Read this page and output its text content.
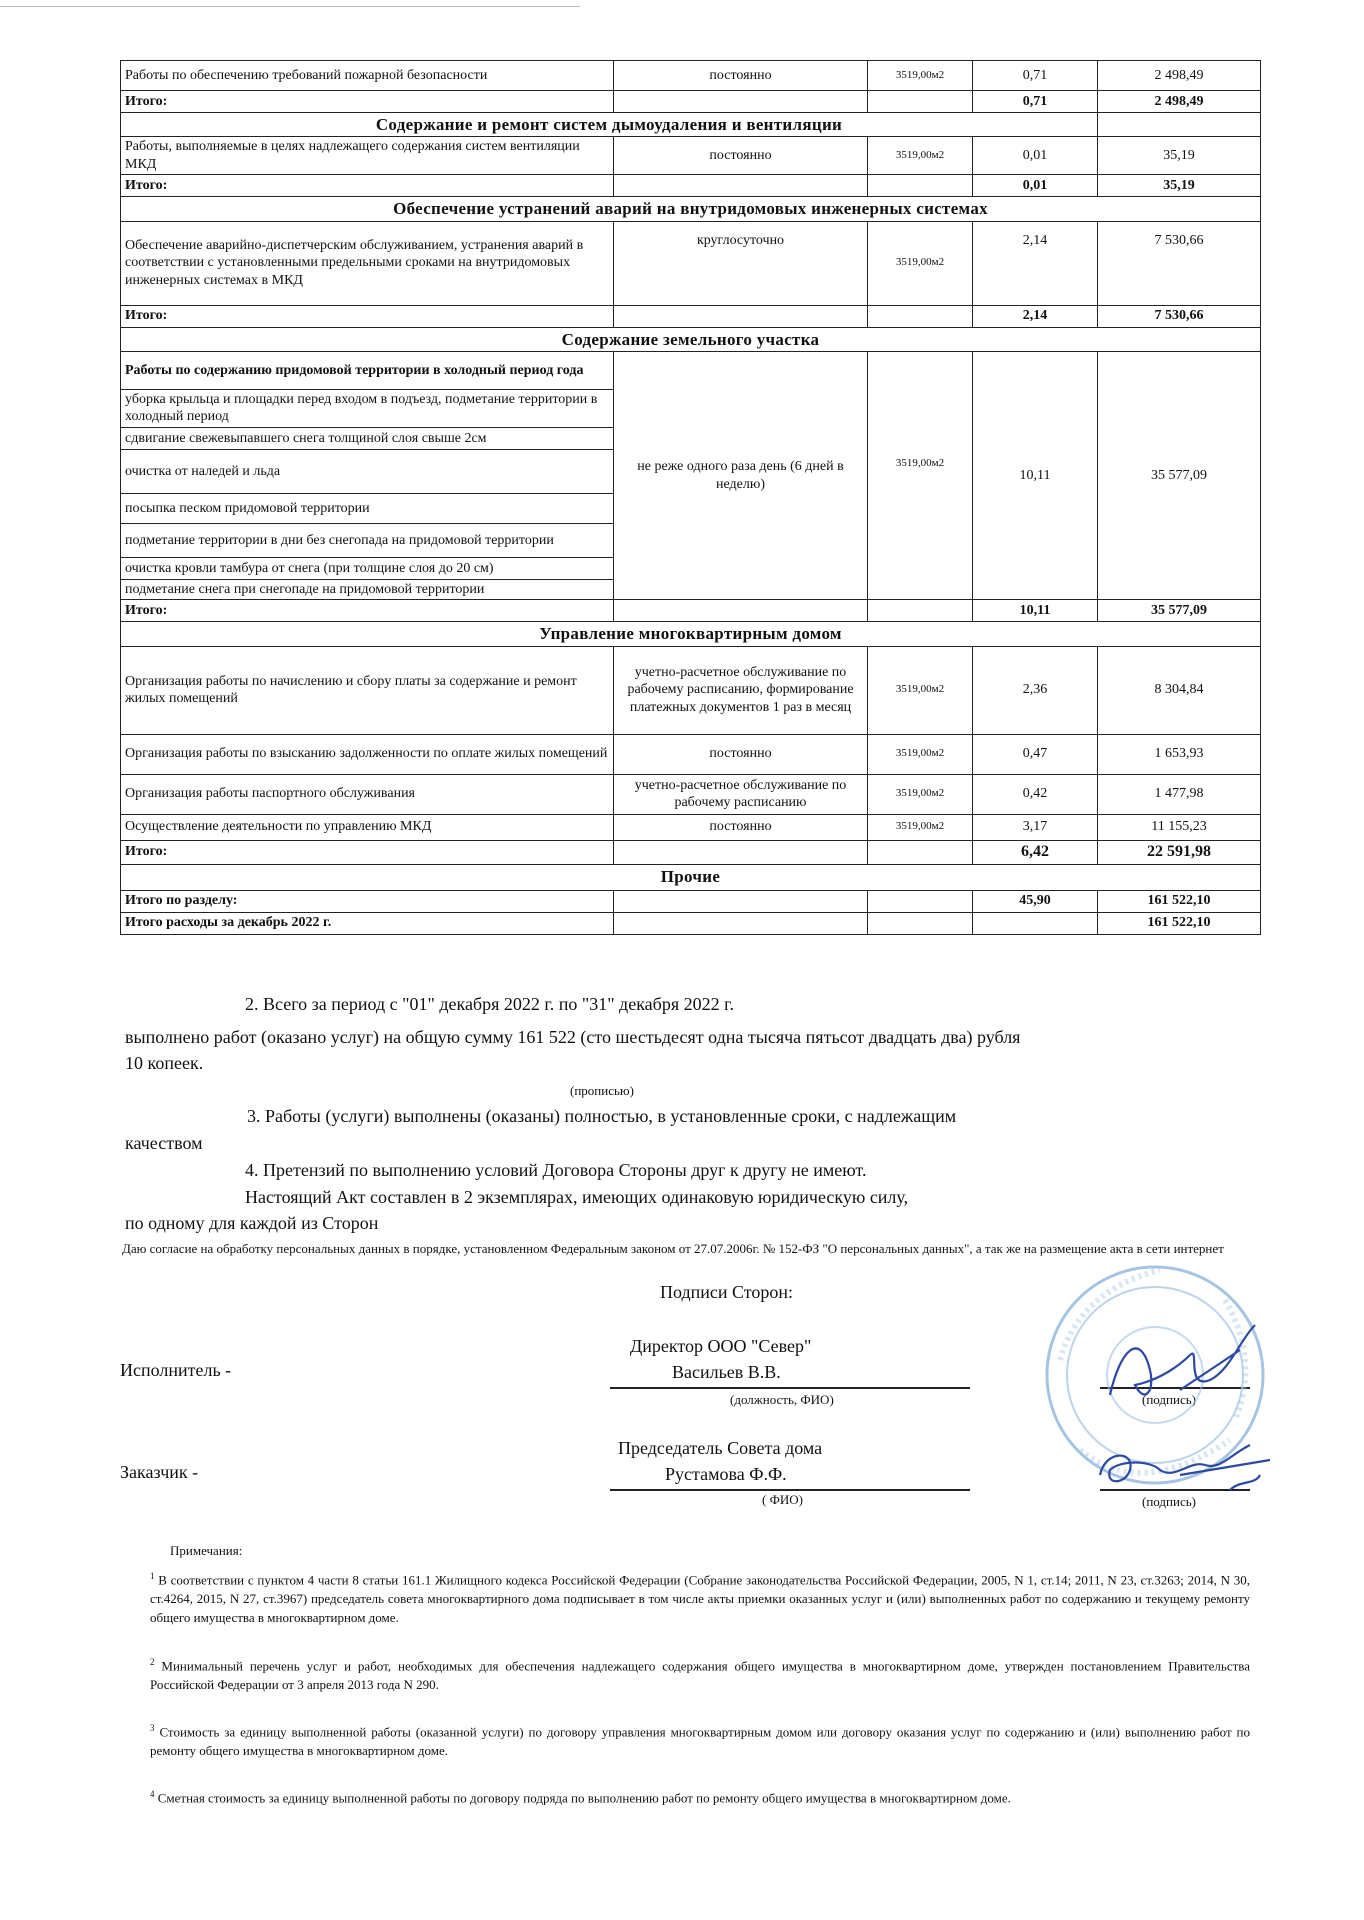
Работы по обеспечению требований пожарной безопасности	постоянно	3519,00м2	0,71	2 498,49
Итого:			0,71	2 498,49
Содержание и ремонт систем дымоудаления и вентиляции				
Работы, выполняемые в целях надлежащего содержания систем вентиляции МКД	постоянно	3519,00м2	0,01	35,19
Итого:			0,01	35,19
Обеспечение устранений аварий на внутридомовых инженерных системах				
Обеспечение аварийно-диспетчерским обслуживанием, устранения аварий в соответствии с установленными предельными сроками на внутридомовых инженерных системах в МКД	круглосуточно	3519,00м2	2,14	7 530,66
Итого:			2,14	7 530,66
Содержание земельного участка				
Работы по содержанию придомовой территории в холодный период года	не реже одного раза день (6 дней в неделю)	3519,00м2	10,11	35 577,09
уборка крыльца и площадки перед входом в подъезд, подметание территории в холодный период				
сдвигание свежевыпавшего снега толщиной слоя свыше 2см				
очистка от наледей и льда				
посыпка песком придомовой территории				
подметание территории в дни без снегопада на придомовой территории				
очистка кровли тамбура от снега (при толщине слоя до 20 см)				
подметание снега при снегопаде на придомовой территории				
Итого:			10,11	35 577,09
Управление многоквартирным домом				
Организация работы по начислению и сбору платы за содержание и ремонт жилых помещений	учетно-расчетное обслуживание по рабочему расписанию, формирование платежных документов 1 раз в месяц	3519,00м2	2,36	8 304,84
Организация работы по взысканию задолженности по оплате жилых помещений	постоянно	3519,00м2	0,47	1 653,93
Организация работы паспортного обслуживания	учетно-расчетное обслуживание по рабочему расписанию	3519,00м2	0,42	1 477,98
Осуществление деятельности по управлению МКД	постоянно	3519,00м2	3,17	11 155,23
Итого:			6,42	22 591,98
Прочие				
Итого по разделу:			45,90	161 522,10
Итого расходы за декабрь 2022 г.				161 522,10
2. Всего за период с "01" декабря 2022 г. по "31" декабря 2022 г.
выполнено работ (оказано услуг) на общую сумму 161 522 (сто шестьдесят одна тысяча пятьсот двадцать два) рубля
10 копеек.
(прописью)
3. Работы (услуги) выполнены (оказаны) полностью, в установленные сроки, с надлежащим
качеством
4. Претензий по выполнению условий Договора Стороны друг к другу не имеют.
Настоящий Акт составлен в 2 экземплярах, имеющих одинаковую юридическую силу,
по одному для каждой из Сторон
Даю согласие на обработку персональных данных в порядке, установленном Федеральным законом от 27.07.2006г. № 152-ФЗ "О персональных данных", а так же на размещение акта в сети интернет
Подписи Сторон:
Директор ООО "Север"
Исполнитель -	Васильев В.В.
(должность, ФИО)	(подпись)
Председатель Совета дома
Заказчик -	Рустамова Ф.Ф.
( ФИО)	(подпись)
Примечания:
$^1$ В соответствии с пунктом 4 части 8 статьи 161.1 Жилищного кодекса Российской Федерации (Собрание законодательства Российской Федерации, 2005, N 1, ст.14; 2011, N 23, ст.3263; 2014, N 30, ст.4264, 2015, N 27, ст.3967) председатель совета многоквартирного дома подписывает в том числе акты приемки оказанных услуг и (или) выполненных работ по содержанию и текущему ремонту общего имущества в многоквартирном доме.
$^2$ Минимальный перечень услуг и работ, необходимых для обеспечения надлежащего содержания общего имущества в многоквартирном доме, утвержден постановлением Правительства Российской Федерации от 3 апреля 2013 года N 290.
$^3$ Стоимость за единицу выполненной работы (оказанной услуги) по договору управления многоквартирным домом или договору оказания услуг по содержанию и (или) выполнению работ по ремонту общего имущества в многоквартирном доме.
$^4$ Сметная стоимость за единицу выполненной работы по договору подряда по выполнению работ по ремонту общего имущества в многоквартирном доме.
